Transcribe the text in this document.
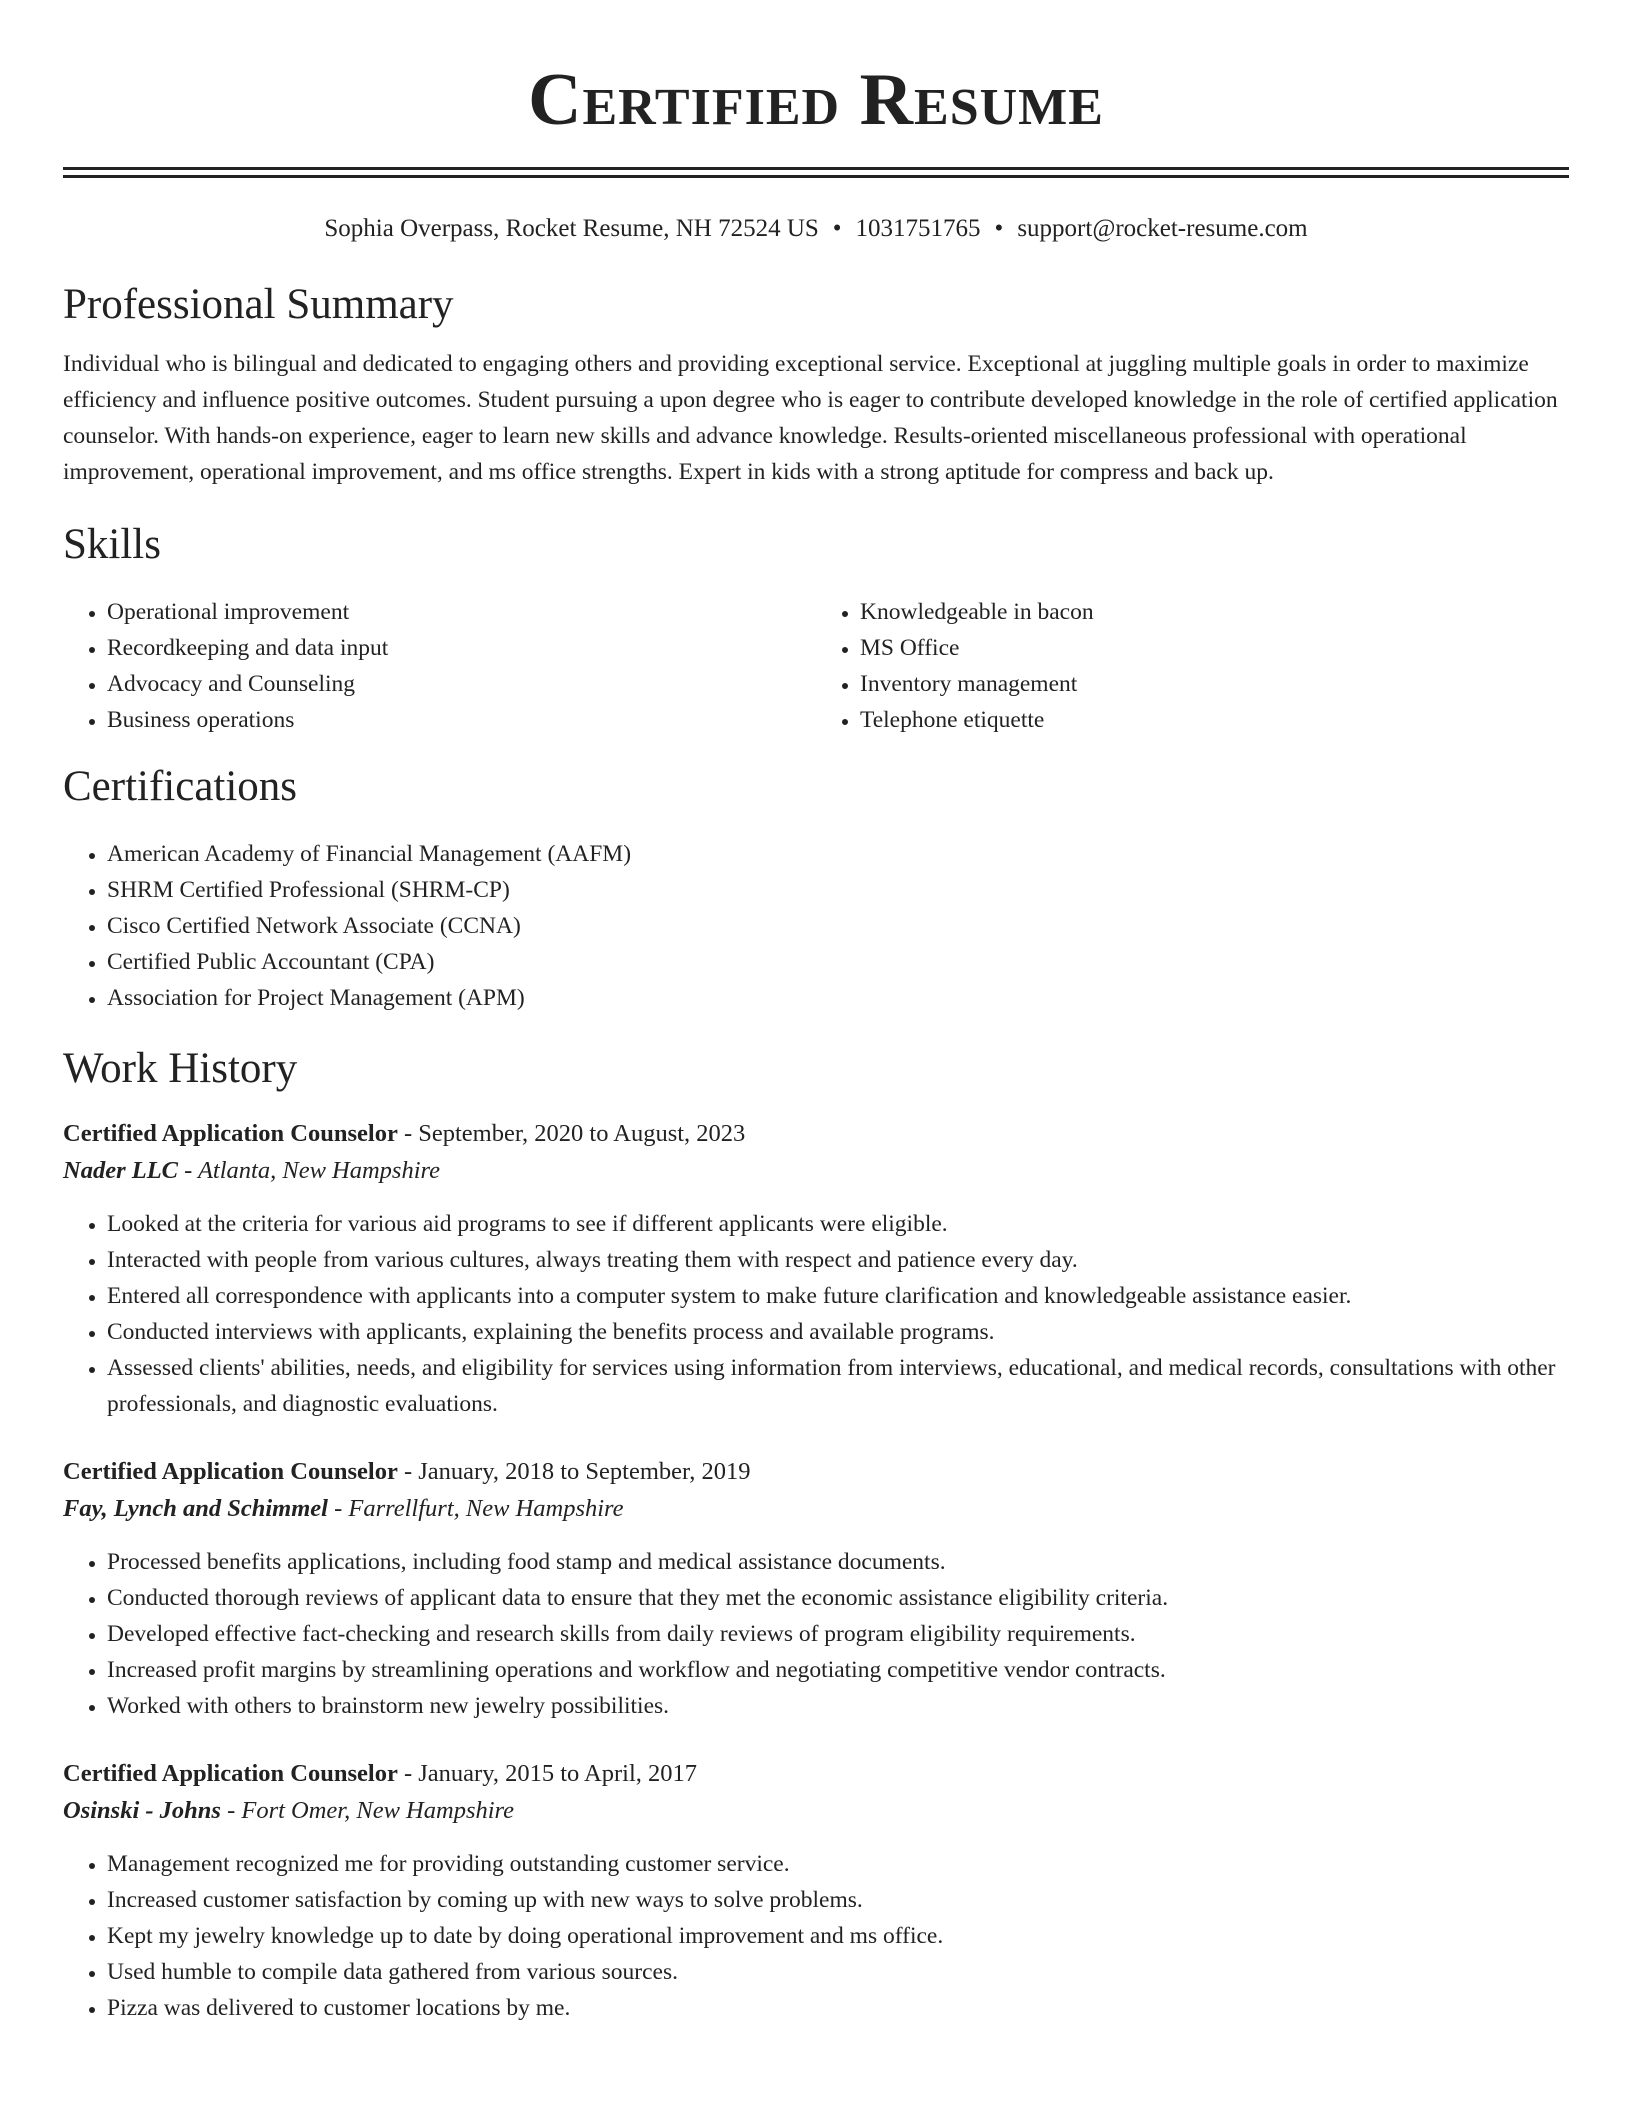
Certified Resume
Sophia Overpass, Rocket Resume, NH 72524 US • 1031751765 • support@rocket-resume.com
Professional Summary

Individual who is bilingual and dedicated to engaging others and providing exceptional service. Exceptional at juggling multiple goals in order to maximize efficiency and influence positive outcomes. Student pursuing a upon degree who is eager to contribute developed knowledge in the role of certified application counselor. With hands-on experience, eager to learn new skills and advance knowledge. Results-oriented miscellaneous professional with operational improvement, operational improvement, and ms office strengths. Expert in kids with a strong aptitude for compress and back up.

Skills
• Operational improvement
• Recordkeeping and data input
• Advocacy and Counseling
• Business operations
• Knowledgeable in bacon
• MS Office
• Inventory management
• Telephone etiquette
Certifications
• American Academy of Financial Management (AAFM)
• SHRM Certified Professional (SHRM-CP)
• Cisco Certified Network Associate (CCNA)
• Certified Public Accountant (CPA)
• Association for Project Management (APM)
Work History
Certified Application Counselor - September, 2020 to August, 2023
Nader LLC - Atlanta, New Hampshire
• Looked at the criteria for various aid programs to see if different applicants were eligible.
• Interacted with people from various cultures, always treating them with respect and patience every day.
• Entered all correspondence with applicants into a computer system to make future clarification and knowledgeable assistance easier.
• Conducted interviews with applicants, explaining the benefits process and available programs.
• Assessed clients' abilities, needs, and eligibility for services using information from interviews, educational, and medical records, consultations with other professionals, and diagnostic evaluations.
Certified Application Counselor - January, 2018 to September, 2019
Fay, Lynch and Schimmel - Farrellfurt, New Hampshire
• Processed benefits applications, including food stamp and medical assistance documents.
• Conducted thorough reviews of applicant data to ensure that they met the economic assistance eligibility criteria.
• Developed effective fact-checking and research skills from daily reviews of program eligibility requirements.
• Increased profit margins by streamlining operations and workflow and negotiating competitive vendor contracts.
• Worked with others to brainstorm new jewelry possibilities.
Certified Application Counselor - January, 2015 to April, 2017
Osinski - Johns - Fort Omer, New Hampshire
• Management recognized me for providing outstanding customer service.
• Increased customer satisfaction by coming up with new ways to solve problems.
• Kept my jewelry knowledge up to date by doing operational improvement and ms office.
• Used humble to compile data gathered from various sources.
• Pizza was delivered to customer locations by me.
